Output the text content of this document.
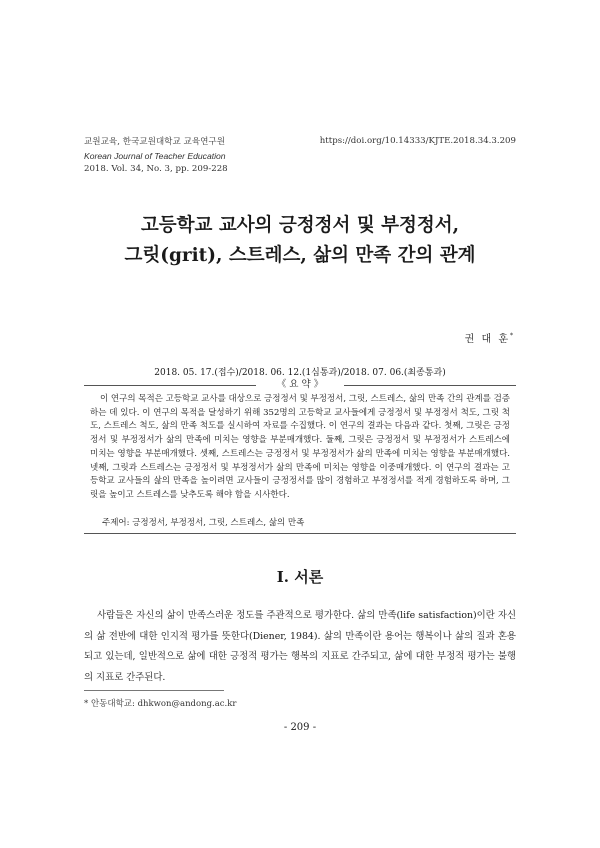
교원교육, 한국교원대학교 교육연구원
Korean Journal of Teacher Education
2018. Vol. 34, No. 3, pp. 209-228
https://doi.org/10.14333/KJTE.2018.34.3.209
고등학교 교사의 긍정정서 및 부정정서,
그릿(grit), 스트레스, 삶의 만족 간의 관계
권 대 훈*
2018. 05. 17.(접수)/2018. 06. 12.(1심통과)/2018. 07. 06.(최종통과)
《 요 약 》

이 연구의 목적은 고등학교 교사를 대상으로 긍정정서 및 부정정서, 그릿, 스트레스, 삶의 만족 간의 관계를 검증하는 데 있다. 이 연구의 목적을 달성하기 위해 352명의 고등학교 교사들에게 긍정정서 및 부정정서 척도, 그릿 척도, 스트레스 척도, 삶의 만족 척도를 실시하여 자료를 수집했다. 이 연구의 결과는 다음과 같다. 첫째, 그릿은 긍정정서 및 부정정서가 삶의 만족에 미치는 영향을 부분매개했다. 둘째, 그릿은 긍정정서 및 부정정서가 스트레스에 미치는 영향을 부분매개했다. 셋째, 스트레스는 긍정정서 및 부정정서가 삶의 만족에 미치는 영향을 부분매개했다. 넷째, 그릿과 스트레스는 긍정정서 및 부정정서가 삶의 만족에 미치는 영향을 이중매개했다. 이 연구의 결과는 고등학교 교사들의 삶의 만족을 높이려면 교사들이 긍정정서를 많이 경험하고 부정정서를 적게 경험하도록 하며, 그릿을 높이고 스트레스를 낮추도록 해야 함을 시사한다.

주제어: 긍정정서, 부정정서, 그릿, 스트레스, 삶의 만족
Ⅰ. 서론

사람들은 자신의 삶이 만족스러운 정도를 주관적으로 평가한다. 삶의 만족(life satisfaction)이란 자신의 삶 전반에 대한 인지적 평가를 뜻한다(Diener, 1984). 삶의 만족이란 용어는 행복이나 삶의 질과 혼용되고 있는데, 일반적으로 삶에 대한 긍정적 평가는 행복의 지표로 간주되고, 삶에 대한 부정적 평가는 불행의 지표로 간주된다.

* 안동대학교: dhkwon@andong.ac.kr
- 209 -
